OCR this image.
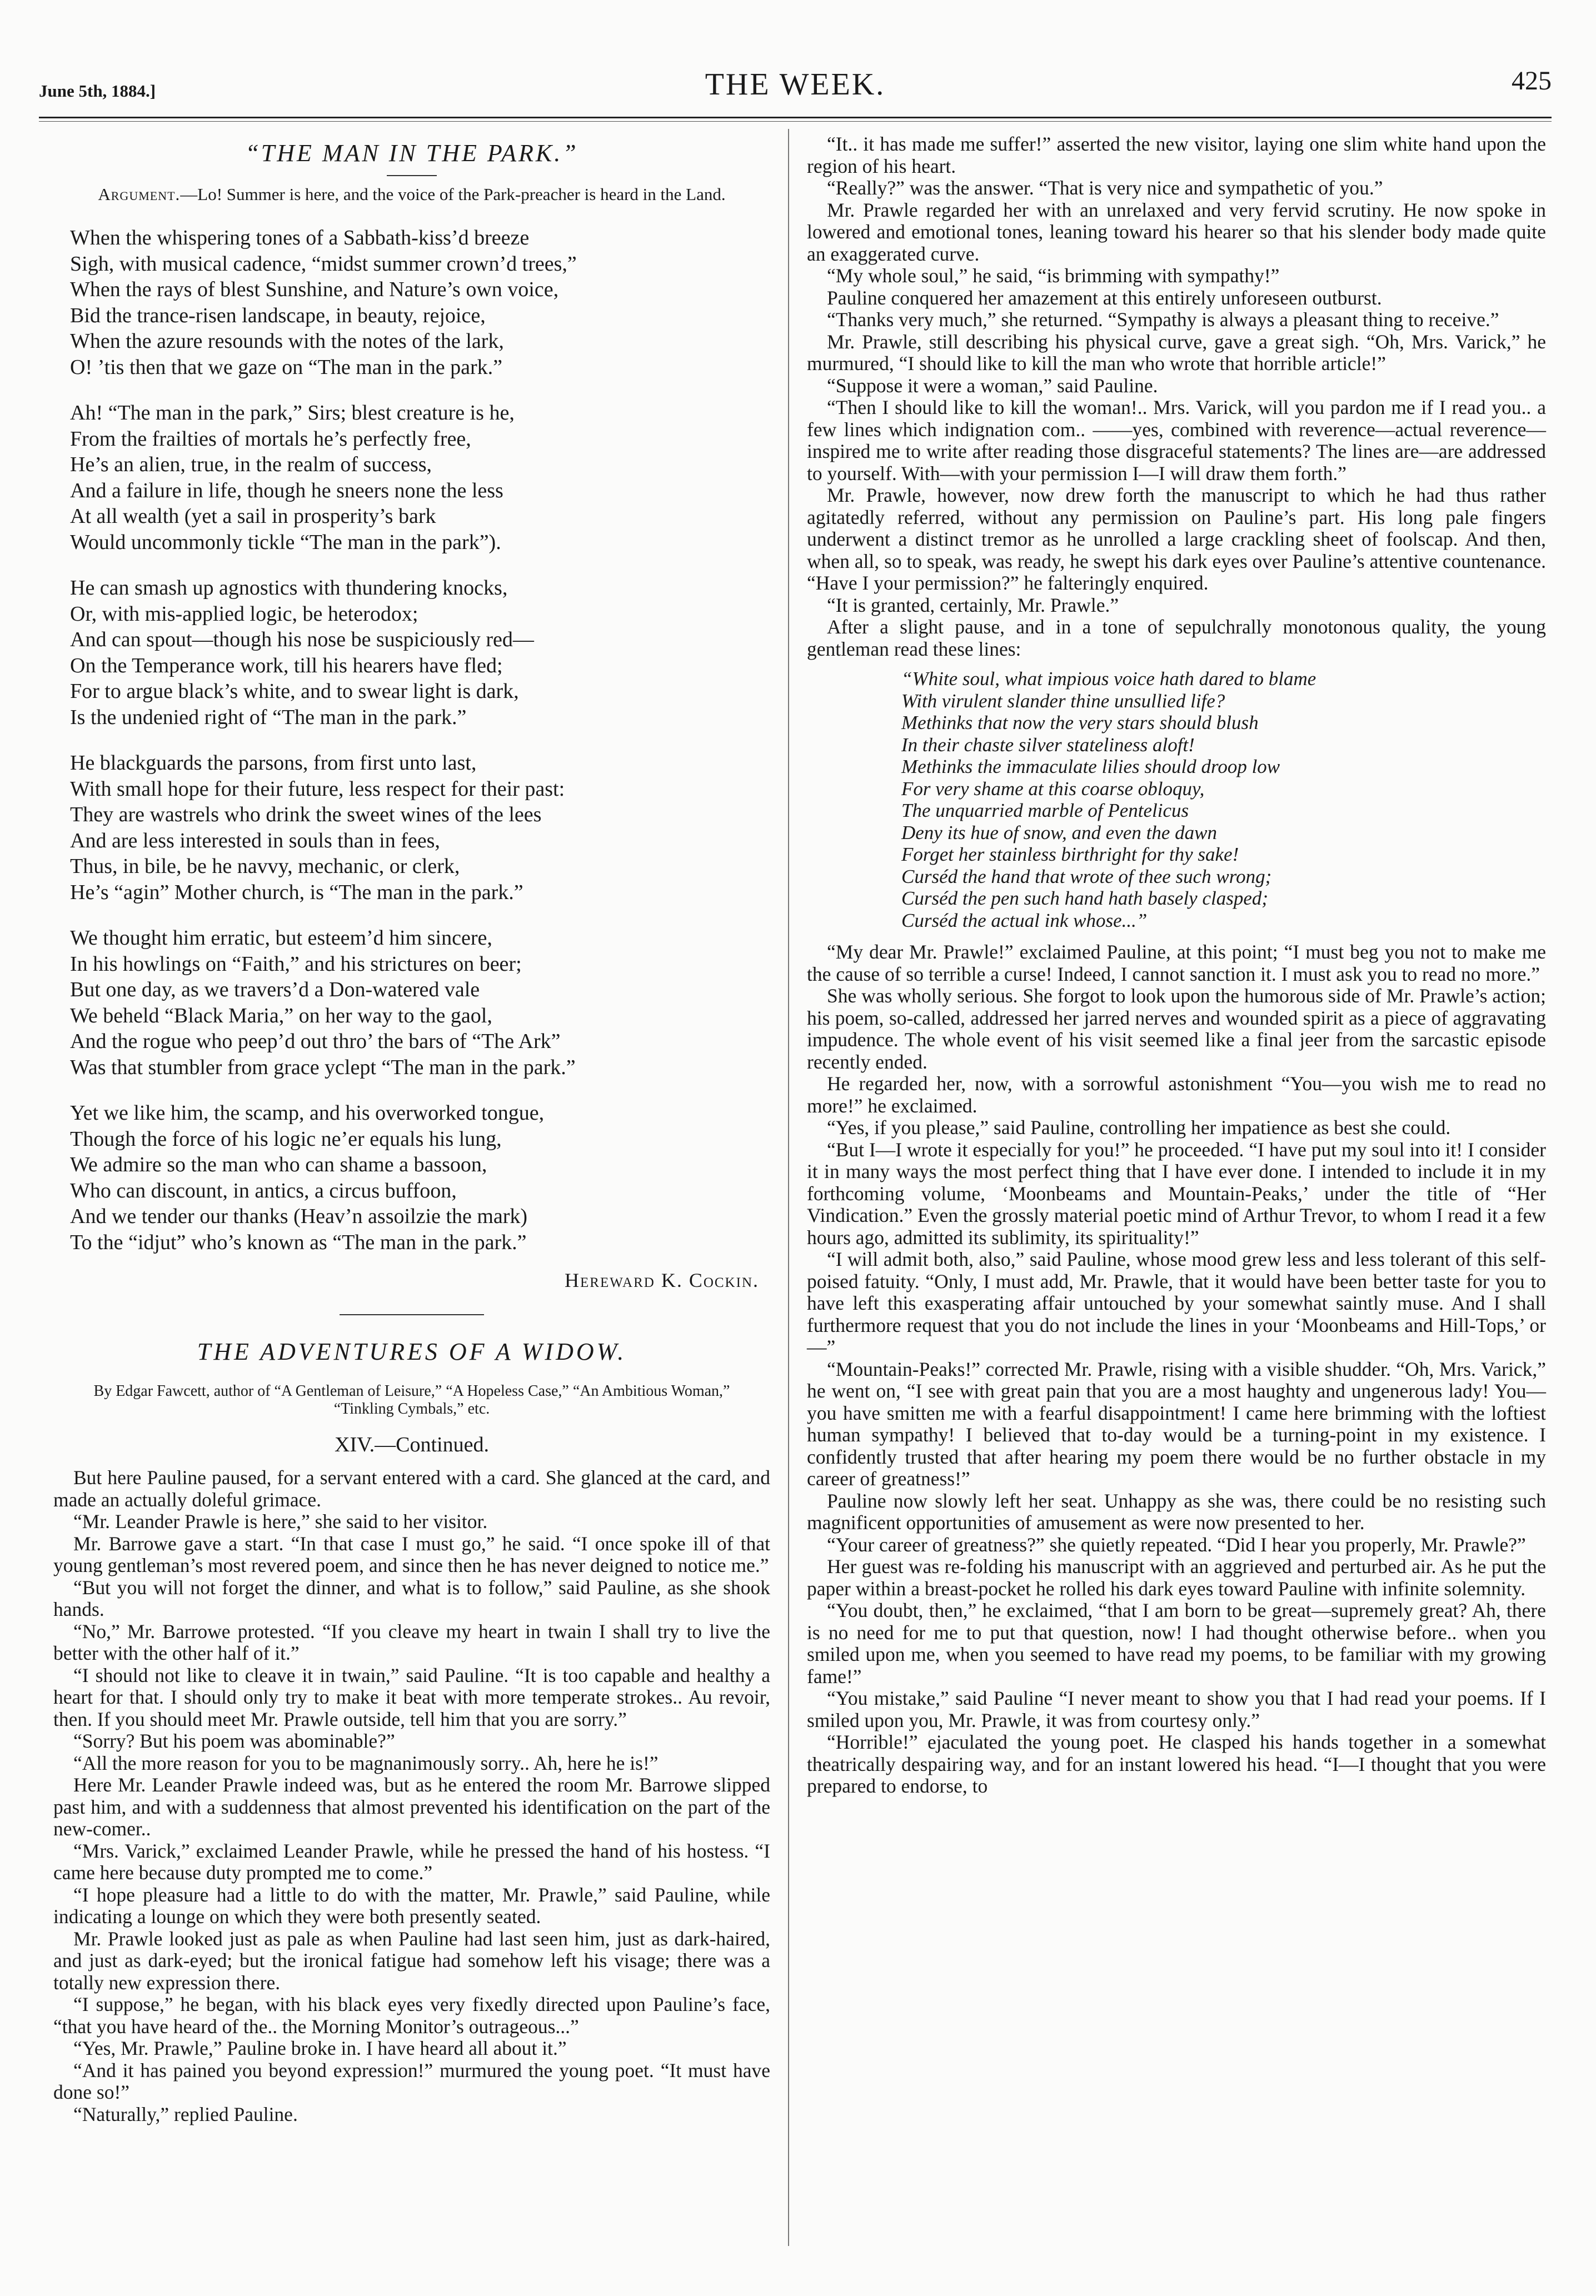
June 5th, 1884.]	THE WEEK.	425
“THE MAN IN THE PARK.”
Argument.—Lo! Summer is here, and the voice of the Park-preacher is heard in the Land.
When the whispering tones of a Sabbath-kiss’d breeze
Sigh, with musical cadence, “midst summer crown’d trees,”
When the rays of blest Sunshine, and Nature’s own voice,
Bid the trance-risen landscape, in beauty, rejoice,
When the azure resounds with the notes of the lark,
O! ’tis then that we gaze on “The man in the park.”
Ah! “The man in the park,” Sirs; blest creature is he,
From the frailties of mortals he’s perfectly free,
He’s an alien, true, in the realm of success,
And a failure in life, though he sneers none the less
At all wealth (yet a sail in prosperity’s bark
Would uncommonly tickle “The man in the park”).
He can smash up agnostics with thundering knocks,
Or, with mis-applied logic, be heterodox;
And can spout—though his nose be suspiciously red—
On the Temperance work, till his hearers have fled;
For to argue black’s white, and to swear light is dark,
Is the undenied right of “The man in the park.”
He blackguards the parsons, from first unto last,
With small hope for their future, less respect for their past:
They are wastrels who drink the sweet wines of the lees
And are less interested in souls than in fees,
Thus, in bile, be he navvy, mechanic, or clerk,
He’s “agin” Mother church, is “The man in the park.”
We thought him erratic, but esteem’d him sincere,
In his howlings on “Faith,” and his strictures on beer;
But one day, as we travers’d a Don-watered vale
We beheld “Black Maria,” on her way to the gaol,
And the rogue who peep’d out thro’ the bars of “The Ark”
Was that stumbler from grace yclept “The man in the park.”
Yet we like him, the scamp, and his overworked tongue,
Though the force of his logic ne’er equals his lung,
We admire so the man who can shame a bassoon,
Who can discount, in antics, a circus buffoon,
And we tender our thanks (Heav’n assoilzie the mark)
To the “idjut” who’s known as “The man in the park.”
Hereward K. Cockin.
THE ADVENTURES OF A WIDOW.
By Edgar Fawcett, author of “A Gentleman of Leisure,” “A Hopeless Case,” “An Ambitious Woman,” “Tinkling Cymbals,” etc.
XIV.—Continued.

But here Pauline paused, for a servant entered with a card. She glanced at the card, and made an actually doleful grimace.

“Mr. Leander Prawle is here,” she said to her visitor.

Mr. Barrowe gave a start. “In that case I must go,” he said. “I once spoke ill of that young gentleman’s most revered poem, and since then he has never deigned to notice me.”

“But you will not forget the dinner, and what is to follow,” said Pauline, as she shook hands.

“No,” Mr. Barrowe protested. “If you cleave my heart in twain I shall try to live the better with the other half of it.”

“I should not like to cleave it in twain,” said Pauline. “It is too capable and healthy a heart for that. I should only try to make it beat with more temperate strokes.. Au revoir, then. If you should meet Mr. Prawle outside, tell him that you are sorry.”

“Sorry? But his poem was abominable?”

“All the more reason for you to be magnanimously sorry.. Ah, here he is!”

Here Mr. Leander Prawle indeed was, but as he entered the room Mr. Barrowe slipped past him, and with a suddenness that almost prevented his identification on the part of the new-comer..

“Mrs. Varick,” exclaimed Leander Prawle, while he pressed the hand of his hostess. “I came here because duty prompted me to come.”

“I hope pleasure had a little to do with the matter, Mr. Prawle,” said Pauline, while indicating a lounge on which they were both presently seated.

Mr. Prawle looked just as pale as when Pauline had last seen him, just as dark-haired, and just as dark-eyed; but the ironical fatigue had somehow left his visage; there was a totally new expression there.

“I suppose,” he began, with his black eyes very fixedly directed upon Pauline’s face, “that you have heard of the.. the Morning Monitor’s outrageous...”

“Yes, Mr. Prawle,” Pauline broke in. I have heard all about it.”

“And it has pained you beyond expression!” murmured the young poet. “It must have done so!”

“Naturally,” replied Pauline.

“It.. it has made me suffer!” asserted the new visitor, laying one slim white hand upon the region of his heart.

“Really?” was the answer. “That is very nice and sympathetic of you.”

Mr. Prawle regarded her with an unrelaxed and very fervid scrutiny. He now spoke in lowered and emotional tones, leaning toward his hearer so that his slender body made quite an exaggerated curve.

“My whole soul,” he said, “is brimming with sympathy!”

Pauline conquered her amazement at this entirely unforeseen outburst.

“Thanks very much,” she returned. “Sympathy is always a pleasant thing to receive.”

Mr. Prawle, still describing his physical curve, gave a great sigh. “Oh, Mrs. Varick,” he murmured, “I should like to kill the man who wrote that horrible article!”

“Suppose it were a woman,” said Pauline.

“Then I should like to kill the woman!.. Mrs. Varick, will you pardon me if I read you.. a few lines which indignation com.. ——yes, combined with reverence—actual reverence—inspired me to write after reading those disgraceful statements? The lines are—are addressed to yourself. With—with your permission I—I will draw them forth.”

Mr. Prawle, however, now drew forth the manuscript to which he had thus rather agitatedly referred, without any permission on Pauline’s part. His long pale fingers underwent a distinct tremor as he unrolled a large crackling sheet of foolscap. And then, when all, so to speak, was ready, he swept his dark eyes over Pauline’s attentive countenance. “Have I your permission?” he falteringly enquired.

“It is granted, certainly, Mr. Prawle.”

After a slight pause, and in a tone of sepulchrally monotonous quality, the young gentleman read these lines:

“White soul, what impious voice hath dared to blame
With virulent slander thine unsullied life?
Methinks that now the very stars should blush
In their chaste silver stateliness aloft!
Methinks the immaculate lilies should droop low
For very shame at this coarse obloquy,
The unquarried marble of Pentelicus
Deny its hue of snow, and even the dawn
Forget her stainless birthright for thy sake!
Curséd the hand that wrote of thee such wrong;
Curséd the pen such hand hath basely clasped;
Curséd the actual ink whose...”

“My dear Mr. Prawle!” exclaimed Pauline, at this point; “I must beg you not to make me the cause of so terrible a curse! Indeed, I cannot sanction it. I must ask you to read no more.”

She was wholly serious. She forgot to look upon the humorous side of Mr. Prawle’s action; his poem, so-called, addressed her jarred nerves and wounded spirit as a piece of aggravating impudence. The whole event of his visit seemed like a final jeer from the sarcastic episode recently ended.

He regarded her, now, with a sorrowful astonishment “You—you wish me to read no more!” he exclaimed.

“Yes, if you please,” said Pauline, controlling her impatience as best she could.

“But I—I wrote it especially for you!” he proceeded. “I have put my soul into it! I consider it in many ways the most perfect thing that I have ever done. I intended to include it in my forthcoming volume, ‘Moonbeams and Mountain-Peaks,’ under the title of “Her Vindication.” Even the grossly material poetic mind of Arthur Trevor, to whom I read it a few hours ago, admitted its sublimity, its spirituality!”

“I will admit both, also,” said Pauline, whose mood grew less and less tolerant of this self-poised fatuity. “Only, I must add, Mr. Prawle, that it would have been better taste for you to have left this exasperating affair untouched by your somewhat saintly muse. And I shall furthermore request that you do not include the lines in your ‘Moonbeams and Hill-Tops,’ or—”

“Mountain-Peaks!” corrected Mr. Prawle, rising with a visible shudder. “Oh, Mrs. Varick,” he went on, “I see with great pain that you are a most haughty and ungenerous lady! You—you have smitten me with a fearful disappointment! I came here brimming with the loftiest human sympathy! I believed that to-day would be a turning-point in my existence. I confidently trusted that after hearing my poem there would be no further obstacle in my career of greatness!”

Pauline now slowly left her seat. Unhappy as she was, there could be no resisting such magnificent opportunities of amusement as were now presented to her.

“Your career of greatness?” she quietly repeated. “Did I hear you properly, Mr. Prawle?”

Her guest was re-folding his manuscript with an aggrieved and perturbed air. As he put the paper within a breast-pocket he rolled his dark eyes toward Pauline with infinite solemnity.

“You doubt, then,” he exclaimed, “that I am born to be great—supremely great? Ah, there is no need for me to put that question, now! I had thought otherwise before.. when you smiled upon me, when you seemed to have read my poems, to be familiar with my growing fame!”

“You mistake,” said Pauline “I never meant to show you that I had read your poems. If I smiled upon you, Mr. Prawle, it was from courtesy only.”

“Horrible!” ejaculated the young poet. He clasped his hands together in a somewhat theatrically despairing way, and for an instant lowered his head. “I—I thought that you were prepared to endorse, to
